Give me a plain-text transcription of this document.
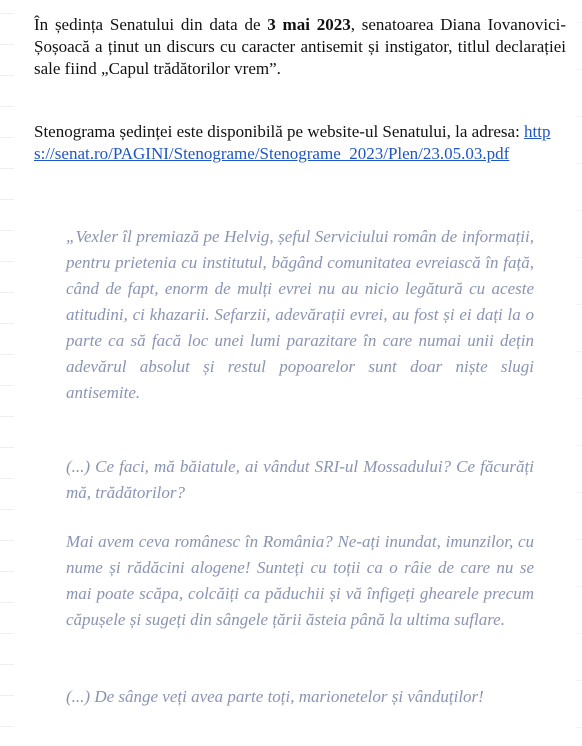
În ședința Senatului din data de 3 mai 2023, senatoarea Diana Iovanovici-Șoșoacă a ținut un discurs cu caracter antisemit și instigator, titlul declarației sale fiind „Capul trădătorilor vrem”.

Stenograma ședinței este disponibilă pe website-ul Senatului, la adresa: https://senat.ro/PAGINI/Stenograme/Stenograme_2023/Plen/23.05.03.pdf

„Vexler îl premiază pe Helvig, șeful Serviciului român de informații, pentru prietenia cu institutul, băgând comunitatea evreiască în față, când de fapt, enorm de mulți evrei nu au nicio legătură cu aceste atitudini, ci khazarii. Sefarzii, adevărații evrei, au fost și ei dați la o parte ca să facă loc unei lumi parazitare în care numai unii dețin adevărul absolut și restul popoarelor sunt doar niște slugi antisemite.

(...) Ce faci, mă băiatule, ai vândut SRI-ul Mossadului? Ce făcurăți mă, trădătorilor?

Mai avem ceva românesc în România? Ne-ați inundat, imunzilor, cu nume și rădăcini alogene! Sunteți cu toții ca o râie de care nu se mai poate scăpa, colcăiți ca păduchii și vă înfigeți ghearele precum căpușele și sugeți din sângele țării ăsteia până la ultima suflare.

(...) De sânge veți avea parte toți, marionetelor și vânduților!
